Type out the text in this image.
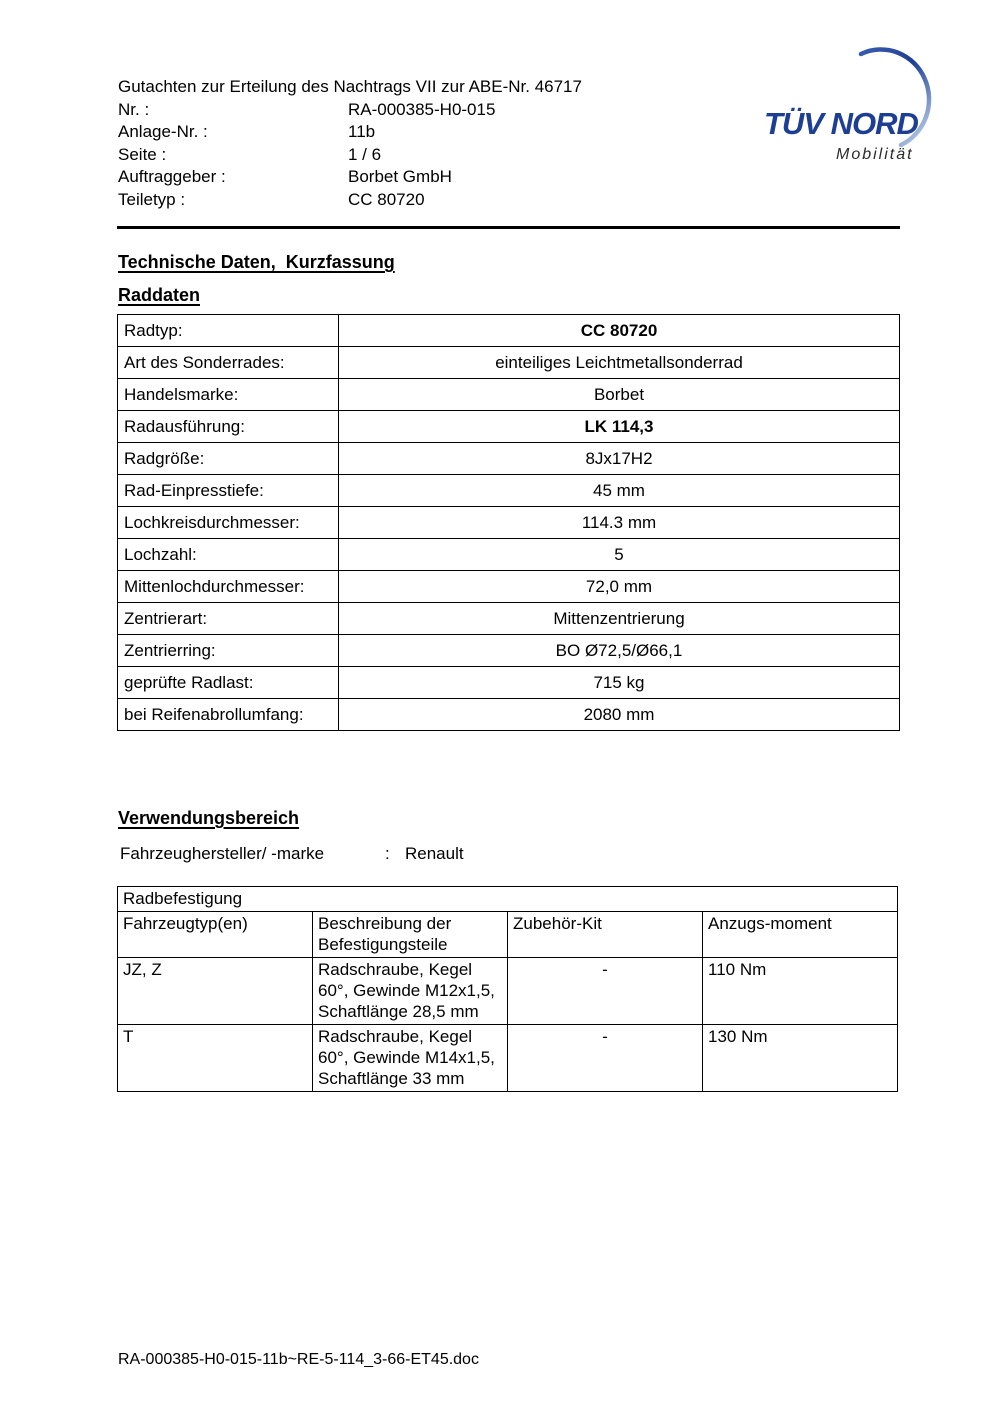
Gutachten zur Erteilung des Nachtrags VII zur ABE-Nr. 46717
Nr. :	RA-000385-H0-015
Anlage-Nr. :	11b
Seite :	1 / 6
Auftraggeber :	Borbet GmbH
Teiletyp :	CC 80720
TÜV NORD
Mobilität
Technische Daten,  Kurzfassung
Raddaten
Radtyp:	CC 80720
Art des Sonderrades:	einteiliges Leichtmetallsonderrad
Handelsmarke:	Borbet
Radausführung:	LK 114,3
Radgröße:	8Jx17H2
Rad-Einpresstiefe:	45 mm
Lochkreisdurchmesser:	114.3 mm
Lochzahl:	5
Mittenlochdurchmesser:	72,0 mm
Zentrierart:	Mittenzentrierung
Zentrierring:	BO Ø72,5/Ø66,1
geprüfte Radlast:	715 kg
bei Reifenabrollumfang:	2080 mm
Verwendungsbereich
Fahrzeughersteller/ -marke	: Renault
Radbefestigung			
Fahrzeugtyp(en)	Beschreibung der Befestigungsteile	Zubehör-Kit	Anzugs-moment
JZ, Z	Radschraube, Kegel 60°, Gewinde M12x1,5, Schaftlänge 28,5 mm	-	110 Nm
T	Radschraube, Kegel 60°, Gewinde M14x1,5, Schaftlänge 33 mm	-	130 Nm
RA-000385-H0-015-11b~RE-5-114_3-66-ET45.doc
